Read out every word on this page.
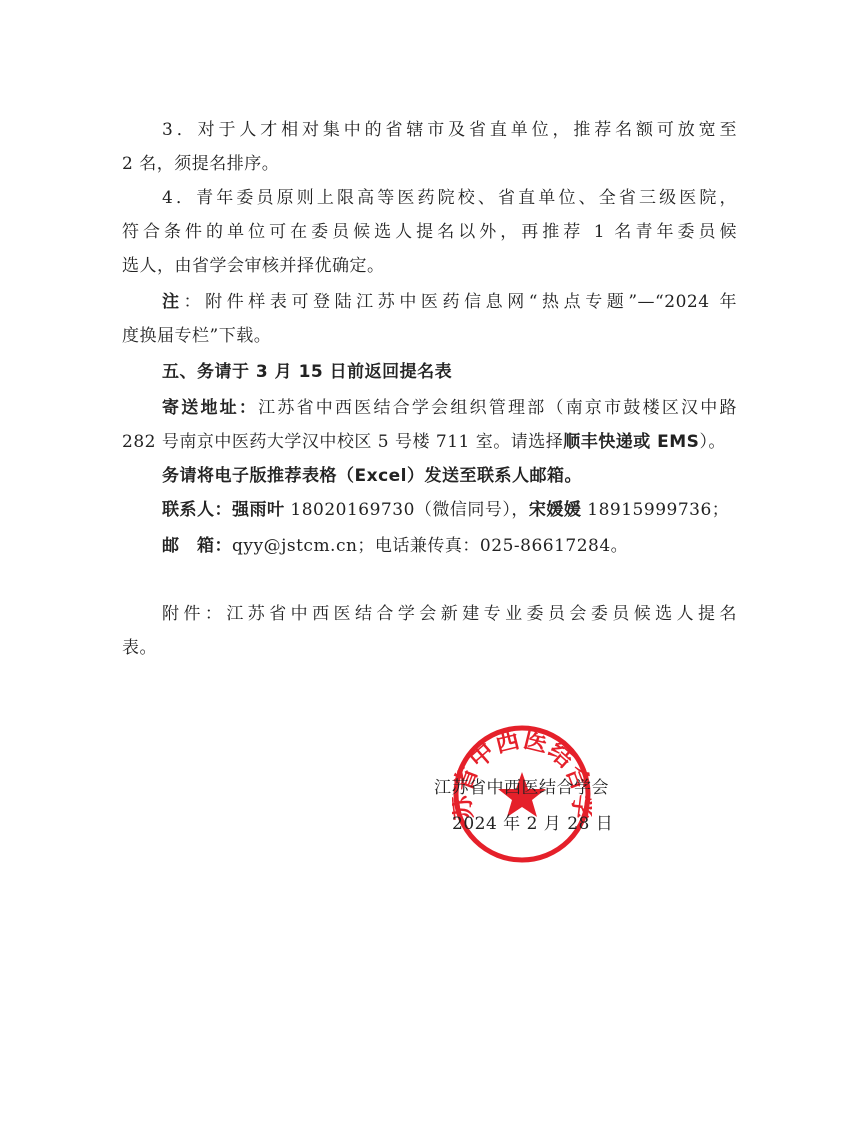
3．对于人才相对集中的省辖市及省直单位，推荐名额可放宽至
2 名，须提名排序。
4．青年委员原则上限高等医药院校、省直单位、全省三级医院，
符合条件的单位可在委员候选人提名以外，再推荐 1 名青年委员候
选人，由省学会审核并择优确定。
注：附件样表可登陆江苏中医药信息网“热点专题”—“2024 年
度换届专栏”下载。
五、务请于 3 月 15 日前返回提名表
寄送地址：江苏省中西医结合学会组织管理部（南京市鼓楼区汉中路
282 号南京中医药大学汉中校区 5 号楼 711 室。请选择顺丰快递或 EMS）。
务请将电子版推荐表格（Excel）发送至联系人邮箱。
联系人：强雨叶 18020169730（微信同号），宋媛媛 18915999736；
邮　箱：qyy@jstcm.cn；电话兼传真：025-86617284。
附件：江苏省中西医结合学会新建专业委员会委员候选人提名
表。
中西医结
江苏省中西医结合学会
2024 年 2 月 28 日
